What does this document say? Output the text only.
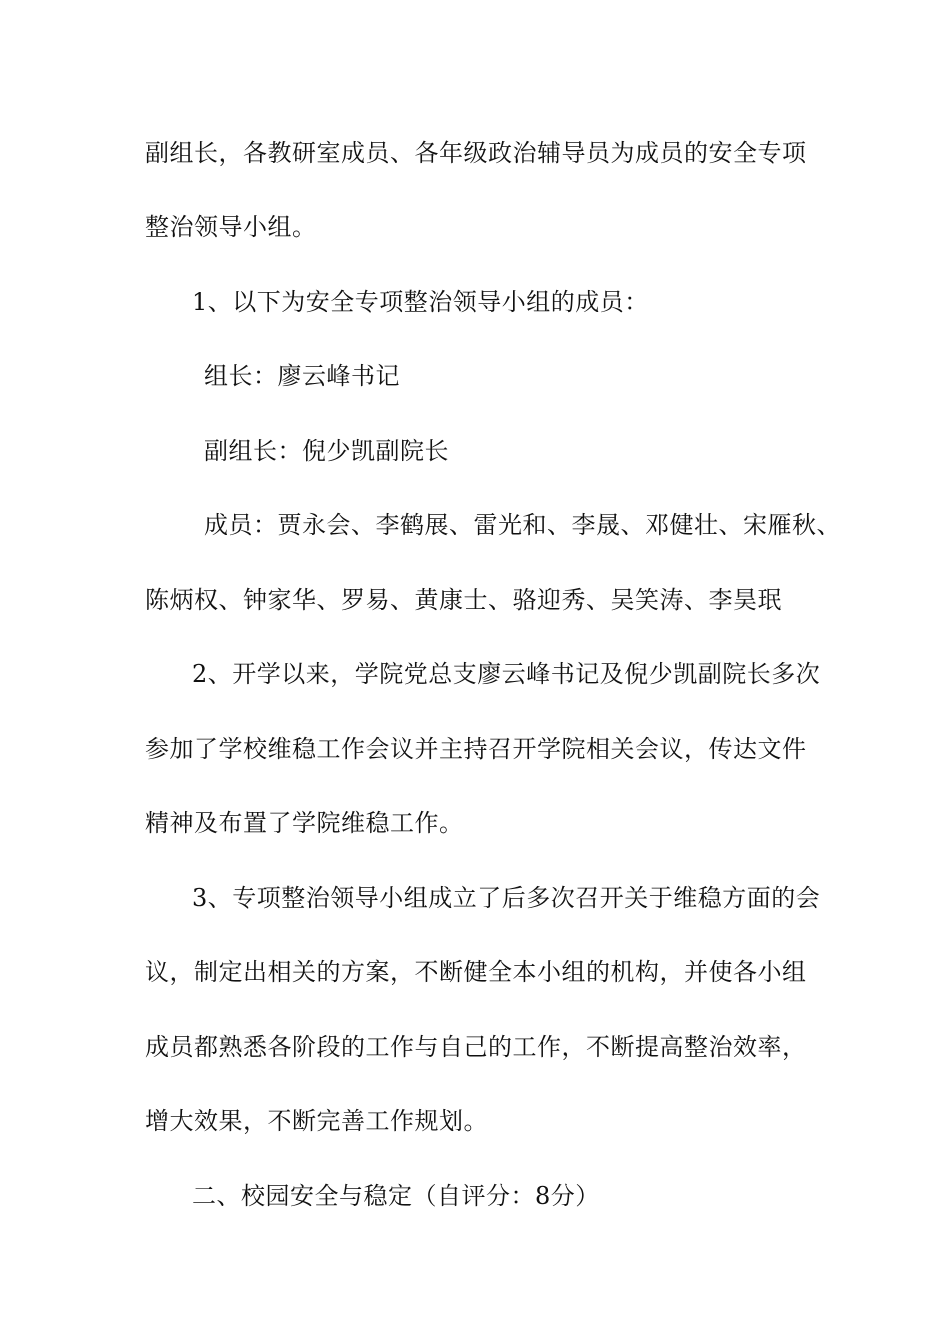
副组长，各教研室成员、各年级政治辅导员为成员的安全专项
整治领导小组。
1、以下为安全专项整治领导小组的成员：
组长：廖云峰书记
副组长：倪少凯副院长
成员：贾永会、李鹤展、雷光和、李晟、邓健壮、宋雁秋、
陈炳权、钟家华、罗易、黄康士、骆迎秀、吴笑涛、李昊珉
2、开学以来，学院党总支廖云峰书记及倪少凯副院长多次
参加了学校维稳工作会议并主持召开学院相关会议，传达文件
精神及布置了学院维稳工作。
3、专项整治领导小组成立了后多次召开关于维稳方面的会
议，制定出相关的方案，不断健全本小组的机构，并使各小组
成员都熟悉各阶段的工作与自己的工作，不断提高整治效率，
增大效果，不断完善工作规划。
二、校园安全与稳定（自评分：8分）
